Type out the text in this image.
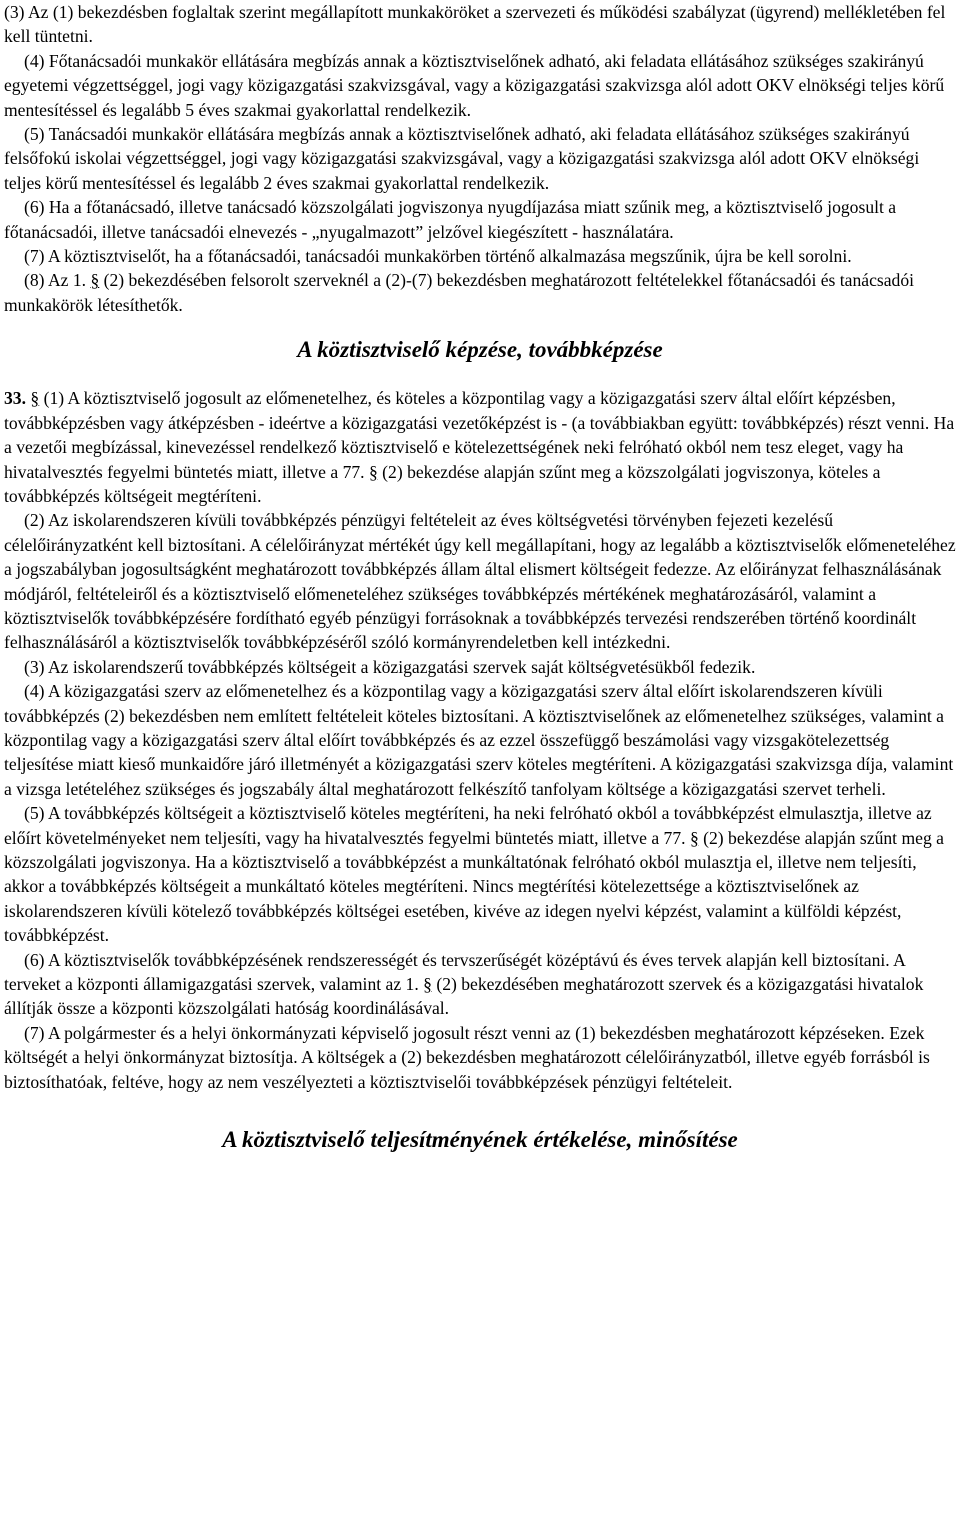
(3) Az (1) bekezdésben foglaltak szerint megállapított munkaköröket a szervezeti és működési szabályzat (ügyrend) mellékletében fel kell tüntetni.

(4) Főtanácsadói munkakör ellátására megbízás annak a köztisztviselőnek adható, aki feladata ellátásához szükséges szakirányú egyetemi végzettséggel, jogi vagy közigazgatási szakvizsgával, vagy a közigazgatási szakvizsga alól adott OKV elnökségi teljes körű mentesítéssel és legalább 5 éves szakmai gyakorlattal rendelkezik.

(5) Tanácsadói munkakör ellátására megbízás annak a köztisztviselőnek adható, aki feladata ellátásához szükséges szakirányú felsőfokú iskolai végzettséggel, jogi vagy közigazgatási szakvizsgával, vagy a közigazgatási szakvizsga alól adott OKV elnökségi teljes körű mentesítéssel és legalább 2 éves szakmai gyakorlattal rendelkezik.

(6) Ha a főtanácsadó, illetve tanácsadó közszolgálati jogviszonya nyugdíjazása miatt szűnik meg, a köztisztviselő jogosult a főtanácsadói, illetve tanácsadói elnevezés - „nyugalmazott” jelzővel kiegészített - használatára.

(7) A köztisztviselőt, ha a főtanácsadói, tanácsadói munkakörben történő alkalmazása megszűnik, újra be kell sorolni.

(8) Az 1. § (2) bekezdésében felsorolt szerveknél a (2)-(7) bekezdésben meghatározott feltételekkel főtanácsadói és tanácsadói munkakörök létesíthetők.

A köztisztviselő képzése, továbbképzése

33. § (1) A köztisztviselő jogosult az előmenetelhez, és köteles a központilag vagy a közigazgatási szerv által előírt képzésben, továbbképzésben vagy átképzésben - ideértve a közigazgatási vezetőképzést is - (a továbbiakban együtt: továbbképzés) részt venni. Ha a vezetői megbízással, kinevezéssel rendelkező köztisztviselő e kötelezettségének neki felróható okból nem tesz eleget, vagy ha hivatalvesztés fegyelmi büntetés miatt, illetve a 77. § (2) bekezdése alapján szűnt meg a közszolgálati jogviszonya, köteles a továbbképzés költségeit megtéríteni.

(2) Az iskolarendszeren kívüli továbbképzés pénzügyi feltételeit az éves költségvetési törvényben fejezeti kezelésű célelőirányzatként kell biztosítani. A célelőirányzat mértékét úgy kell megállapítani, hogy az legalább a köztisztviselők előmeneteléhez a jogszabályban jogosultságként meghatározott továbbképzés állam által elismert költségeit fedezze. Az előirányzat felhasználásának módjáról, feltételeiről és a köztisztviselő előmeneteléhez szükséges továbbképzés mértékének meghatározásáról, valamint a köztisztviselők továbbképzésére fordítható egyéb pénzügyi forrásoknak a továbbképzés tervezési rendszerében történő koordinált felhasználásáról a köztisztviselők továbbképzéséről szóló kormányrendeletben kell intézkedni.

(3) Az iskolarendszerű továbbképzés költségeit a közigazgatási szervek saját költségvetésükből fedezik.

(4) A közigazgatási szerv az előmenetelhez és a központilag vagy a közigazgatási szerv által előírt iskolarendszeren kívüli továbbképzés (2) bekezdésben nem említett feltételeit köteles biztosítani. A köztisztviselőnek az előmenetelhez szükséges, valamint a központilag vagy a közigazgatási szerv által előírt továbbképzés és az ezzel összefüggő beszámolási vagy vizsgakötelezettség teljesítése miatt kieső munkaidőre járó illetményét a közigazgatási szerv köteles megtéríteni. A közigazgatási szakvizsga díja, valamint a vizsga letételéhez szükséges és jogszabály által meghatározott felkészítő tanfolyam költsége a közigazgatási szervet terheli.

(5) A továbbképzés költségeit a köztisztviselő köteles megtéríteni, ha neki felróható okból a továbbképzést elmulasztja, illetve az előírt követelményeket nem teljesíti, vagy ha hivatalvesztés fegyelmi büntetés miatt, illetve a 77. § (2) bekezdése alapján szűnt meg a közszolgálati jogviszonya. Ha a köztisztviselő a továbbképzést a munkáltatónak felróható okból mulasztja el, illetve nem teljesíti, akkor a továbbképzés költségeit a munkáltató köteles megtéríteni. Nincs megtérítési kötelezettsége a köztisztviselőnek az iskolarendszeren kívüli kötelező továbbképzés költségei esetében, kivéve az idegen nyelvi képzést, valamint a külföldi képzést, továbbképzést.

(6) A köztisztviselők továbbképzésének rendszerességét és tervszerűségét középtávú és éves tervek alapján kell biztosítani. A terveket a központi államigazgatási szervek, valamint az 1. § (2) bekezdésében meghatározott szervek és a közigazgatási hivatalok állítják össze a központi közszolgálati hatóság koordinálásával.

(7) A polgármester és a helyi önkormányzati képviselő jogosult részt venni az (1) bekezdésben meghatározott képzéseken. Ezek költségét a helyi önkormányzat biztosítja. A költségek a (2) bekezdésben meghatározott célelőirányzatból, illetve egyéb forrásból is biztosíthatóak, feltéve, hogy az nem veszélyezteti a köztisztviselői továbbképzések pénzügyi feltételeit.

A köztisztviselő teljesítményének értékelése, minősítése
